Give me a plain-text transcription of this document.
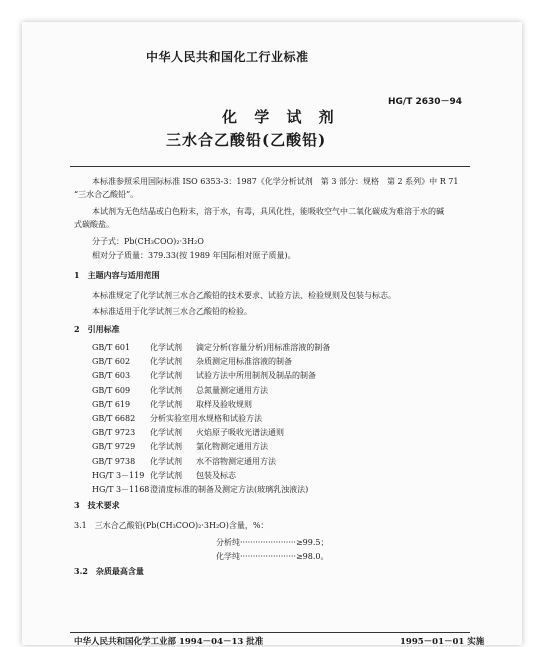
中华人民共和国化工行业标准
HG/T 2630－94
化 学 试 剂
三水合乙酸铅(乙酸铅)
本标准参照采用国际标准 ISO 6353-3：1987《化学分析试剂　第 3 部分：规格　第 2 系列》中 R 71
“三水合乙酸铅”。
本试剂为无色结晶或白色粉末，溶于水，有毒，具风化性，能吸收空气中二氧化碳成为难溶于水的碱
式碳酸盐。
分子式：Pb(CH₃COO)₂·3H₂O
相对分子质量：379.33(按 1989 年国际相对原子质量)。
1　主题内容与适用范围
本标准规定了化学试剂三水合乙酸铅的技术要求、试验方法、检验规则及包装与标志。
本标准适用于化学试剂三水合乙酸铅的检验。
2　引用标准
GB/T 601 化学试剂 滴定分析(容量分析)用标准溶液的制备
GB/T 602 化学试剂 杂质测定用标准溶液的制备
GB/T 603 化学试剂 试验方法中所用制剂及制品的制备
GB/T 609 化学试剂 总氮量测定通用方法
GB/T 619 化学试剂 取样及验收规则
GB/T 6682 分析实验室用水规格和试验方法
GB/T 9723 化学试剂 火焰原子吸收光谱法通则
GB/T 9729 化学试剂 氯化物测定通用方法
GB/T 9738 化学试剂 水不溶物测定通用方法
HG/T 3－119 化学试剂 包装及标志
HG/T 3－1168澄清度标准的制备及测定方法(玻璃乳浊液法)
3　技术要求
3.1　三水合乙酸铅(Pb(CH₃COO)₂·3H₂O)含量，%：
分析纯······················≥99.5；
化学纯······················≥98.0。
3.2　杂质最高含量
中华人民共和国化学工业部 1994－04－13 批准	1995－01－01 实施
